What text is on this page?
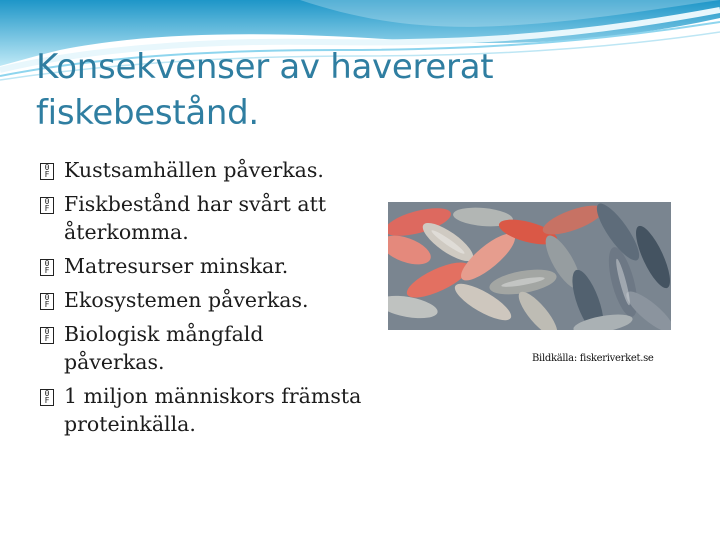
Konsekvenser av havererat fiskebestånd.
0
F Kustsamhällen påverkas.
0
F Fiskbestånd har svårt att återkomma.
0
F Matresurser minskar.
0
F Ekosystemen påverkas.
0
F Biologisk mångfald påverkas.
0
F 1 miljon människors främsta proteinkälla.
Bildkälla: fiskeriverket.se
